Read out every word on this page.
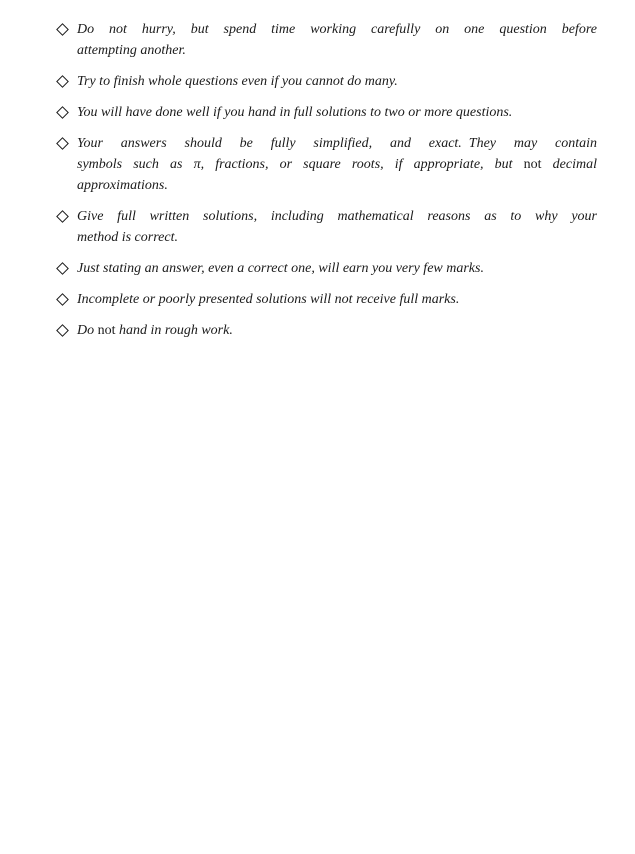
Do not hurry, but spend time working carefully on one question before
attempting another.
Try to finish whole questions even if you cannot do many.
You will have done well if you hand in full solutions to two or more questions.
Your answers should be fully simplified, and exact. They may contain
symbols such as π, fractions, or square roots, if appropriate, but not decimal
approximations.
Give full written solutions, including mathematical reasons as to why your
method is correct.
Just stating an answer, even a correct one, will earn you very few marks.
Incomplete or poorly presented solutions will not receive full marks.
Do not hand in rough work.
